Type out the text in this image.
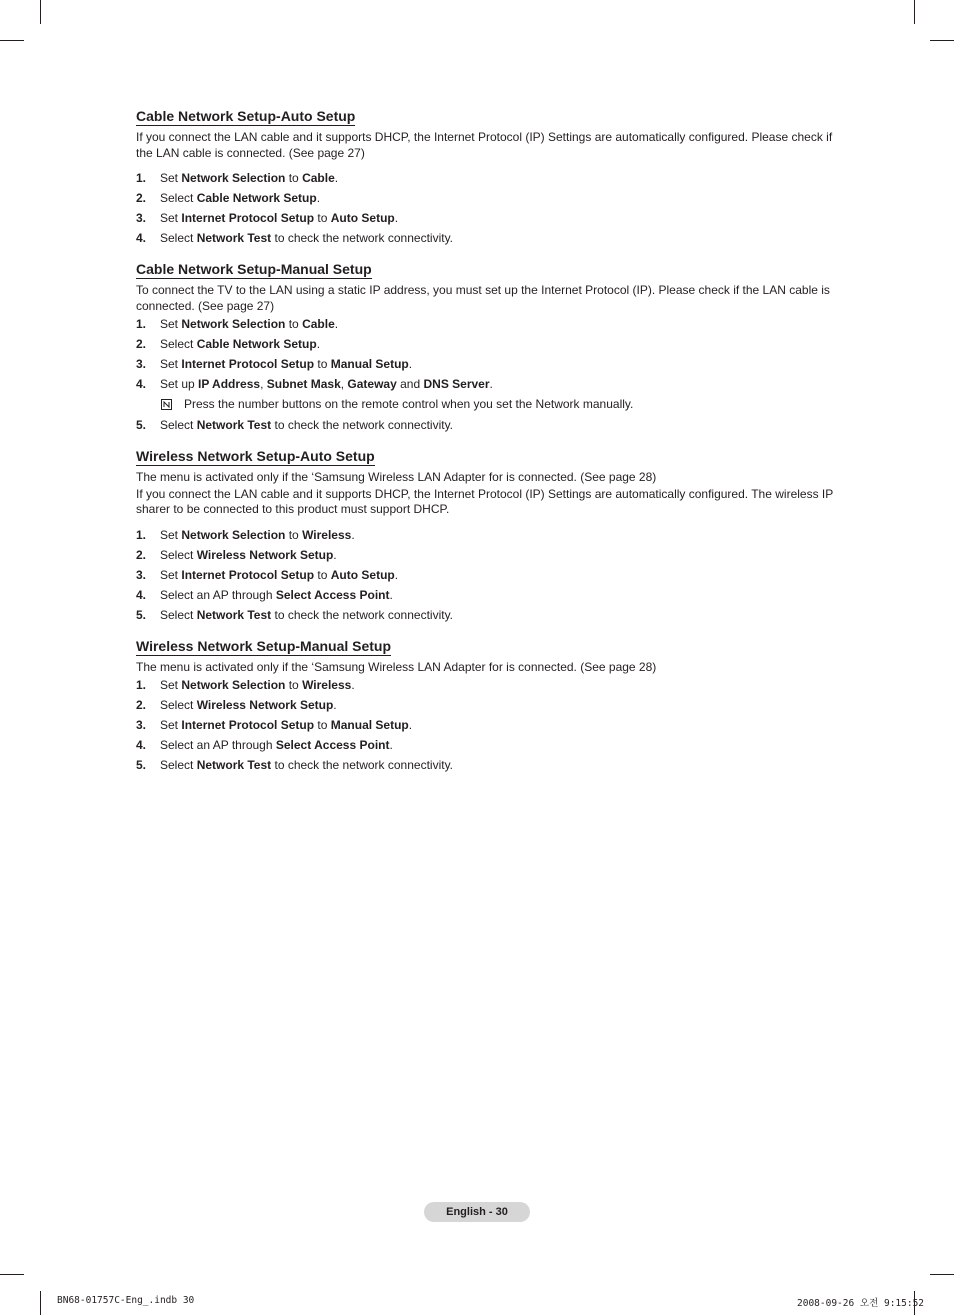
Cable Network Setup-Auto Setup

If you connect the LAN cable and it supports DHCP, the Internet Protocol (IP) Settings are automatically configured. Please check if the LAN cable is connected. (See page 27)

1. Set Network Selection to Cable.
2. Select Cable Network Setup.
3. Set Internet Protocol Setup to Auto Setup.
4. Select Network Test to check the network connectivity.
Cable Network Setup-Manual Setup

To connect the TV to the LAN using a static IP address, you must set up the Internet Protocol (IP). Please check if the LAN cable is connected. (See page 27)

1. Set Network Selection to Cable.
2. Select Cable Network Setup.
3. Set Internet Protocol Setup to Manual Setup.
4. Set up IP Address, Subnet Mask, Gateway and DNS Server.
Press the number buttons on the remote control when you set the Network manually.
5. Select Network Test to check the network connectivity.
Wireless Network Setup-Auto Setup

The menu is activated only if the ‘Samsung Wireless LAN Adapter for is connected. (See page 28)

If you connect the LAN cable and it supports DHCP, the Internet Protocol (IP) Settings are automatically configured. The wireless IP sharer to be connected to this product must support DHCP.

1. Set Network Selection to Wireless.
2. Select Wireless Network Setup.
3. Set Internet Protocol Setup to Auto Setup.
4. Select an AP through Select Access Point.
5. Select Network Test to check the network connectivity.
Wireless Network Setup-Manual Setup

The menu is activated only if the ‘Samsung Wireless LAN Adapter for is connected. (See page 28)

1. Set Network Selection to Wireless.
2. Select Wireless Network Setup.
3. Set Internet Protocol Setup to Manual Setup.
4. Select an AP through Select Access Point.
5. Select Network Test to check the network connectivity.
English - 30
BN68-01757C-Eng_.indb 30	2008-09-26 오전 9:15:52
